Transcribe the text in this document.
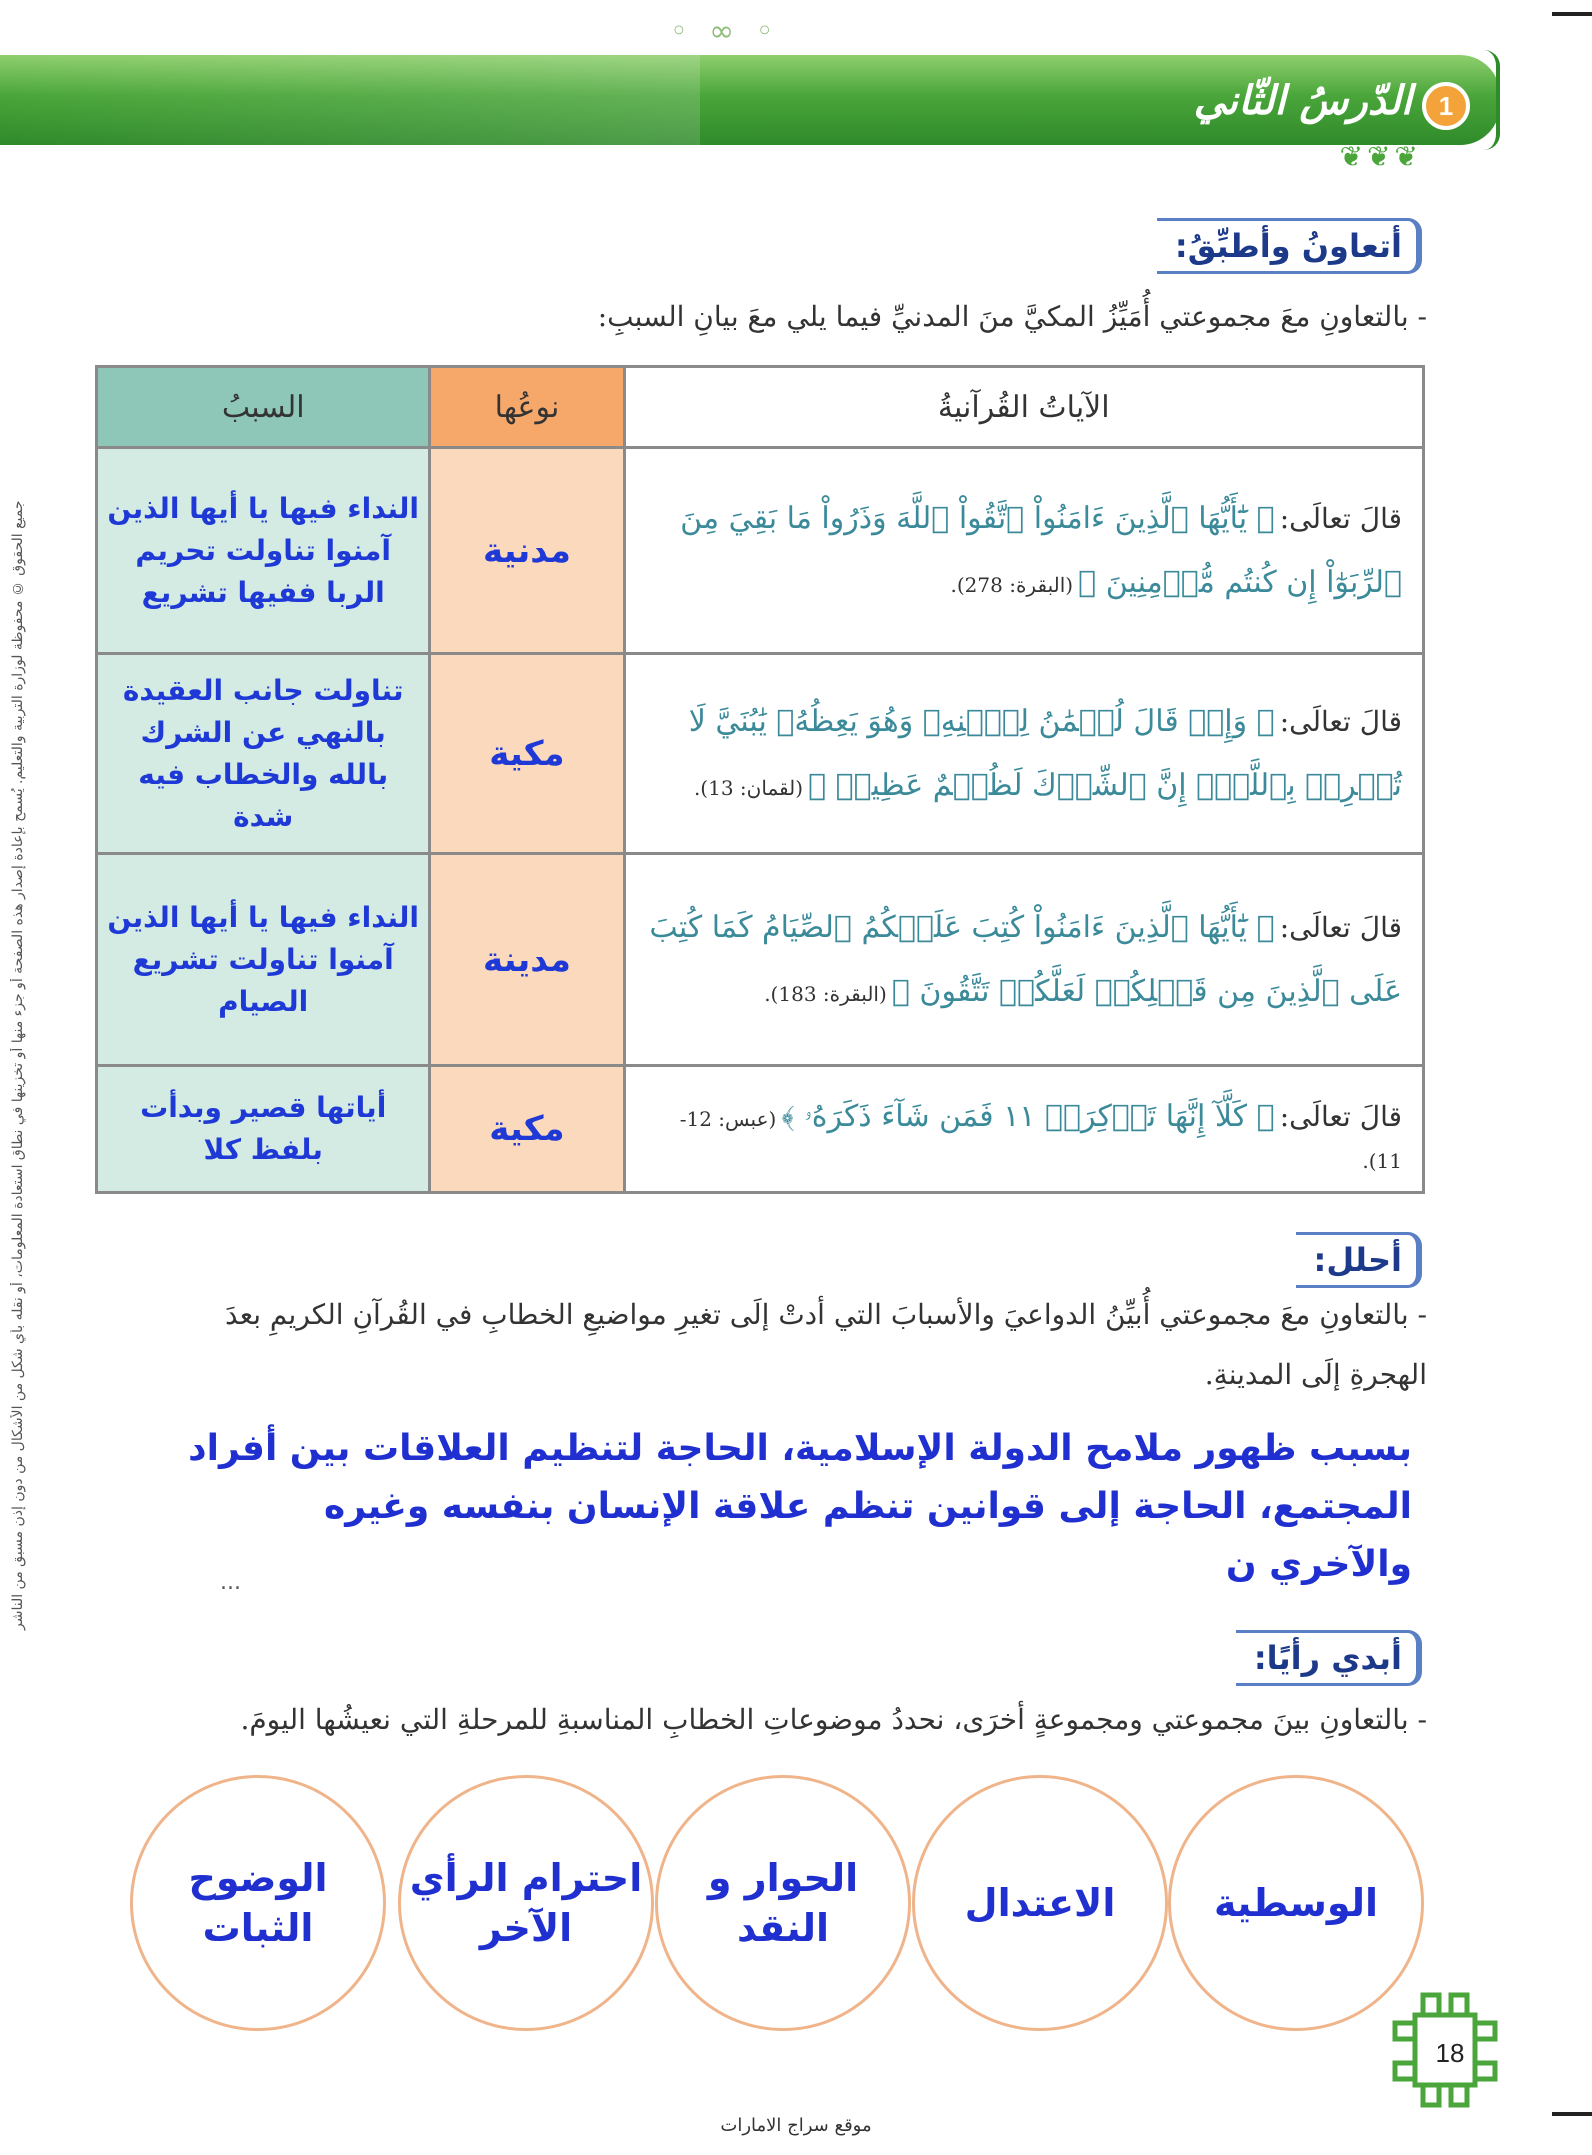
◦ ∞ ◦
1
الدّرسُ الثّاني
❦❦❦
جميع الحقوق © محفوظة لوزارة التربية والتعليم. يُسمح بإعادة إصدار هذه الصفحة أو جزء منها أو تخزينها في نطاق استعادة المعلومات، أو نقله بأي شكل من الأشكال من دون إذن مسبق من الناشر
أتعاونُ وأطبِّقُ:
- بالتعاونِ معَ مجموعتي أُمَيِّزُ المكيَّ منَ المدنيِّ فيما يلي معَ بيانِ السببِ:
الآياتُ القُرآنيةُ	نوعُها	السببُ
قالَ تعالَى: ﴿ يَٰٓأَيُّهَا ٱلَّذِينَ ءَامَنُواْ ٱتَّقُواْ ٱللَّهَ وَذَرُواْ مَا بَقِيَ مِنَ ٱلرِّبَوٰٓاْ إِن كُنتُم مُّؤۡمِنِينَ ﴾ (البقرة: 278).	مدنية	النداء فيها يا أيها الذين آمنوا تناولت تحريم الربا ففيها تشريع
قالَ تعالَى: ﴿ وَإِذۡ قَالَ لُقۡمَٰنُ لِٱبۡنِهِۦ وَهُوَ يَعِظُهُۥ يَٰبُنَيَّ لَا تُشۡرِكۡ بِٱللَّهِۖ إِنَّ ٱلشِّرۡكَ لَظُلۡمٌ عَظِيمٞ ﴾ (لقمان: 13).	مكية	تناولت جانب العقيدة بالنهي عن الشرك بالله والخطاب فيه شدة
قالَ تعالَى: ﴿ يَٰٓأَيُّهَا ٱلَّذِينَ ءَامَنُواْ كُتِبَ عَلَيۡكُمُ ٱلصِّيَامُ كَمَا كُتِبَ عَلَى ٱلَّذِينَ مِن قَبۡلِكُمۡ لَعَلَّكُمۡ تَتَّقُونَ ﴾ (البقرة: 183).	مدينة	النداء فيها يا أيها الذين آمنوا تناولت تشريع الصيام
قالَ تعالَى: ﴿ كَلَّآ إِنَّهَا تَذۡكِرَةٞ ١١ فَمَن شَآءَ ذَكَرَهُۥ ﴾ (عبس: 12-11).	مكية	أياتها قصير وبدأت بلفظ كلا
أحلل:
- بالتعاونِ معَ مجموعتي أُبيِّنُ الدواعيَ والأسبابَ التي أدتْ إلَى تغيرِ مواضيعِ الخطابِ في القُرآنِ الكريمِ بعدَ الهجرةِ إلَى المدينةِ.
بسبب ظهور ملامح الدولة الإسلامية، الحاجة لتنظيم العلاقات بين أفراد المجتمع، الحاجة إلى قوانين تنظم علاقة الإنسان بنفسه وغيره والآخري ن
...
أبدي رأيًا:
- بالتعاونِ بينَ مجموعتي ومجموعةٍ أخرَى، نحددُ موضوعاتِ الخطابِ المناسبةِ للمرحلةِ التي نعيشُها اليومَ.
الوسطية
الاعتدال
الحوار و النقد
احترام الرأي الآخر
الوضوح الثبات
18
موقع سراج الامارات
